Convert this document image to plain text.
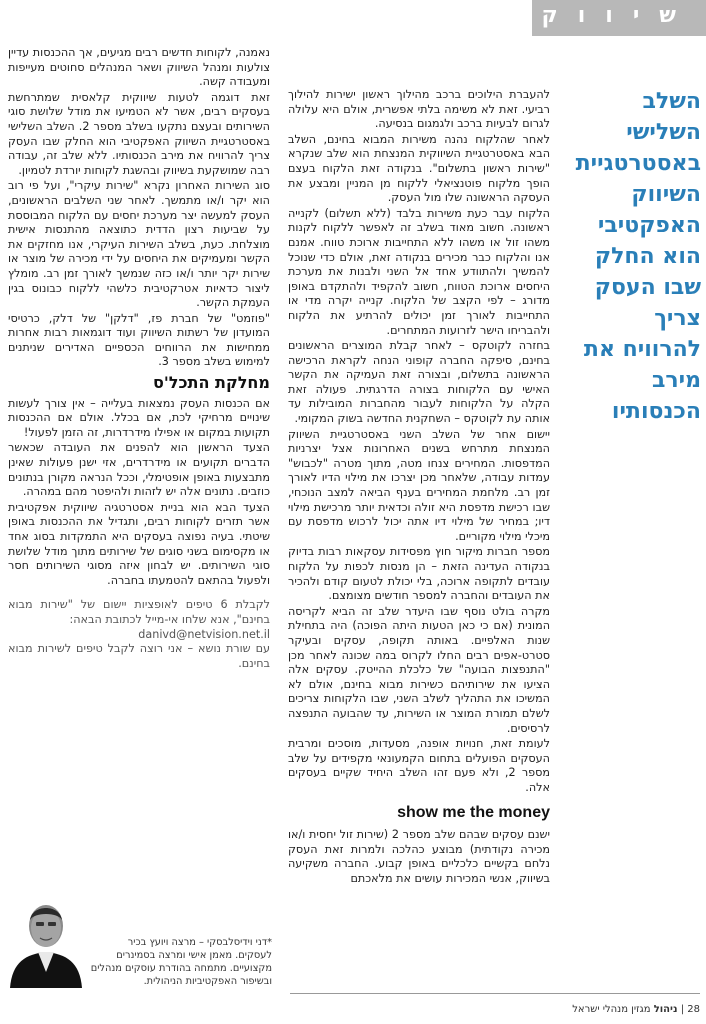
שיווק
השלב השלישי באסטרטגיית השיווק האפקטיבי הוא החלק שבו העסק צריך להרוויח את מירב הכנסותיו

להעברת הילוכים ברכב מהילוך ראשון ישירות להילוך רביעי. זאת לא משימה בלתי אפשרית, אולם היא עלולה לגרום לבעיות ברכב ולגמגום בנסיעה.

לאחר שהלקוח נהנה משירות המבוא בחינם, השלב הבא באסטרטגיית השיווקית המנצחת הוא שלב שנקרא "שירות ראשון בתשלום". בנקודה זאת הלקוח בעצם הופך מלקוח פוטנציאלי ללקוח מן המניין ומבצע את העסקה הראשונה שלו מול העסק.

הלקוח עבר כעת משירות בלבד (ללא תשלום) לקנייה ראשונה. חשוב מאוד בשלב זה לאפשר ללקוח לקנות משהו זול או משהו ללא התחייבות ארוכת טווח. אמנם אנו והלקוח כבר מכירים בנקודה זאת, אולם כדי שנוכל להמשיך ולהתוודע אחד אל השני ולבנות את מערכת היחסים ארוכת הטווח, חשוב להקפיד ולהתקדם באופן מדורג – לפי הקצב של הלקוח. קנייה יקרה מדי או התחייבות לאורך זמן יכולים להרתיע את הלקוח ולהבריחו הישר לזרועות המתחרים.

בחזרה לקוטקס – לאחר קבלת המוצרים הראשונים בחינם, סיפקה החברה קופוני הנחה לקראת הרכישה הראשונה בתשלום, ובצורה זאת העמיקה את הקשר האישי עם הלקוחות בצורה הדרגתית. פעולה זאת הקלה על הלקוחות לעבור מהחברות המובילות עד אותה עת לקוטקס – השחקנית החדשה בשוק המקומי.

יישום אחר של השלב השני באסטרטגיית השיווק המנצחת מתרחש בשנים האחרונות אצל יצרניות המדפסות. המחירים צנחו מטה, מתוך מטרה "לכבוש" עמדות עבודה, שלאחר מכן יצרכו את מילוי הדיו לאורך זמן רב. מלחמת המחירים בענף הביאה למצב הנוכחי, שבו רכישת מדפסת היא זולה וכדאית יותר מרכישת מילוי דיו; במחיר של מילוי דיו אתה יכול לרכוש מדפסת עם מיכלי מילוי מקוריים.

מספר חברות מיקור חוץ מפסידות עסקאות רבות בדיוק בנקודה העדינה הזאת – הן מנסות לכפות על הלקוח עובדים לתקופה ארוכה, בלי יכולת לטעום קודם ולהכיר את העובדים והחברה למספר חודשים מצומצם.

מקרה בולט נוסף שבו היעדר שלב זה הביא לקריסה המונית (אם כי כאן הטעות היתה הפוכה) היה בתחילת שנות האלפיים. באותה תקופה, עסקים ובעיקר סטרט-אפים רבים החלו לקרוס במה שכונה לאחר מכן "התנפצות הבועה" של כלכלת ההייטק. עסקים אלה הציעו את שירותיהם כשירות מבוא בחינם, אולם לא המשיכו את התהליך לשלב השני, שבו הלקוחות צריכים לשלם תמורת המוצר או השירות, עד שהבועה התנפצה לרסיסים.

לעומת זאת, חנויות אופנה, מסעדות, מוסכים ומרבית העסקים הפועלים בתחום הקמעונאי מקפידים על שלב מספר 2, ולא פעם זהו השלב היחיד שקיים בעסקים אלה.

show me the money

ישנם עסקים שבהם שלב מספר 2 (שירות זול יחסית ו/או מכירה נקודתית) מבוצע כהלכה ולמרות זאת העסק נלחם בקשיים כלכליים באופן קבוע. החברה משקיעה בשיווק, אנשי המכירות עושים את מלאכתם

נאמנה, לקוחות חדשים רבים מגיעים, אך ההכנסות עדיין צולעות ומנהל השיווק ושאר המנהלים סחוטים מעייפות ומעבודה קשה.

זאת דוגמה לטעות שיווקית קלאסית שמתרחשת בעסקים רבים, אשר לא הטמיעו את מודל שלושת סוגי השירותים ובעצם נתקעו בשלב מספר 2. השלב השלישי באסטרטגיית השיווק האפקטיבי הוא החלק שבו העסק צריך להרוויח את מירב הכנסותיו. ללא שלב זה, עבודה רבה שמושקעת בשיווק ובהשגת לקוחות יורדת לטמיון.

סוג השירות האחרון נקרא "שירות עיקרי", ועל פי רוב הוא יקר ו/או מתמשך. לאחר שני השלבים הראשונים, העסק למעשה יצר מערכת יחסים עם הלקוח המבוססת על שביעות רצון הדדית כתוצאה מהתנסות אישית מוצלחת. כעת, בשלב השירות העיקרי, אנו מחזקים את הקשר ומעמיקים את היחסים על ידי מכירה של מוצר או שירות יקר יותר ו/או כזה שנמשך לאורך זמן רב. מומלץ ליצור כדאיות אטרקטיבית כלשהי ללקוח כבונוס בגין העמקת הקשר.

"פוזמט" של חברת פז, "דלקן" של דלק, כרטיסי המועדון של רשתות השיווק ועוד דוגמאות רבות אחרות ממחישות את הרווחים הכספיים האדירים שניתנים למימוש בשלב מספר 3.

מחלקת התכל'ס

אם הכנסות העסק נמצאות בעלייה – אין צורך לעשות שינויים מרחיקי לכת, אם בכלל. אולם אם ההכנסות תקועות במקום או אפילו מידרדרות, זה הזמן לפעול!

הצעד הראשון הוא להפנים את העובדה שכאשר הדברים תקועים או מידרדרים, אזי ישנן פעולות שאינן מתבצעות באופן אופטימלי, וככל הנראה מקורן בנתונים כוזבים. נתונים אלה יש לזהות ולהיפטר מהם במהרה.

הצעד הבא הוא בניית אסטרטגיה שיווקית אפקטיבית אשר תזרים לקוחות רבים, ותגדיל את ההכנסות באופן שיטתי. בעיה נפוצה בעסקים היא התמקדות בסוג אחד או מקסימום בשני סוגים של שירותים מתוך מודל שלושת סוגי השירותים. יש לבחון איזה מסוגי השירותים חסר ולפעול בהתאם להטמעתו בחברה.

לקבלת 6 טיפים לאופציות יישום של "שירות מבוא בחינם", אנא שלחו אי-מייל לכתובת הבאה:
danivd@netvision.net.il
עם שורת נושא – אני רוצה לקבל טיפים לשירות מבוא בחינם.
*דני וידיסלבסקי – מרצה ויועץ בכיר לעסקים. מאמן אישי ומרצה בסמינרים מקצועיים. מתמחה בהודרת עוסקים מנהלים ובשיפור האפקטיביות הניהולית.
28 | ניהול מגזין מנהלי ישראל
